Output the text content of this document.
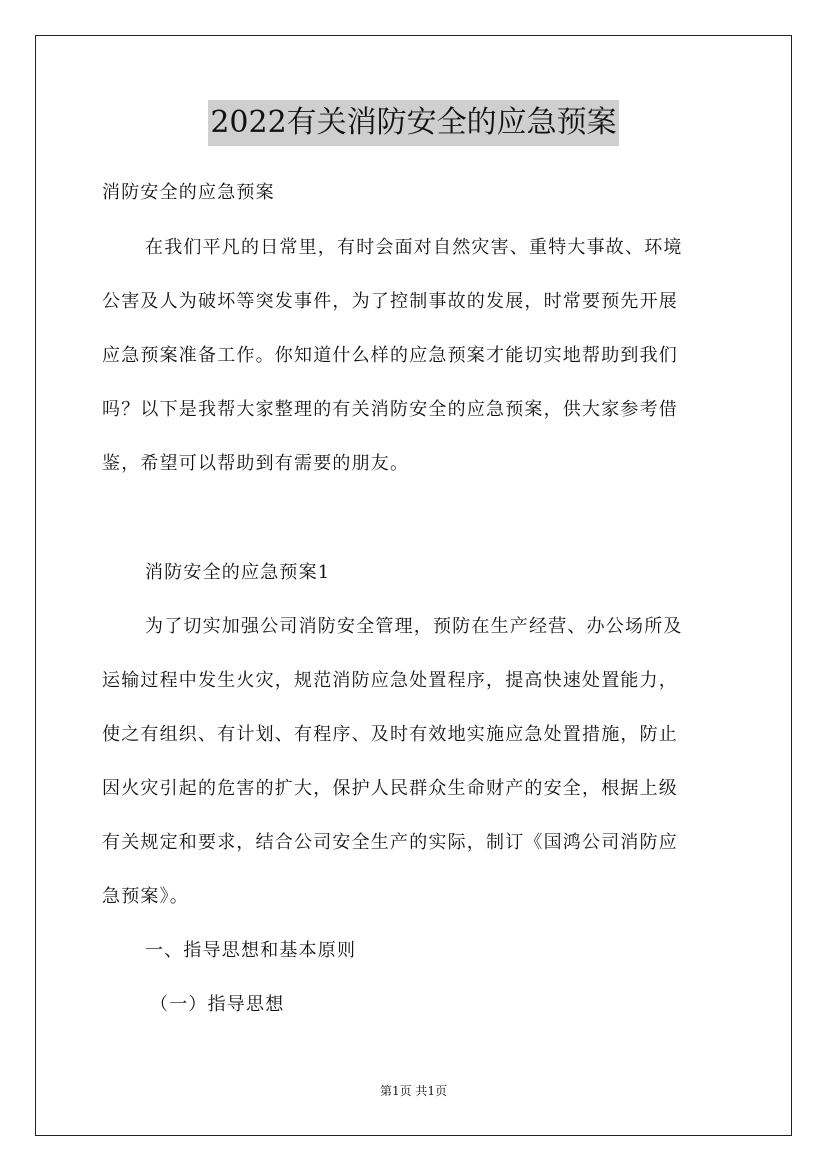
2022有关消防安全的应急预案
消防安全的应急预案
在我们平凡的日常里，有时会面对自然灾害、重特大事故、环境
公害及人为破坏等突发事件，为了控制事故的发展，时常要预先开展
应急预案准备工作。你知道什么样的应急预案才能切实地帮助到我们
吗？以下是我帮大家整理的有关消防安全的应急预案，供大家参考借
鉴，希望可以帮助到有需要的朋友。
消防安全的应急预案1
为了切实加强公司消防安全管理，预防在生产经营、办公场所及
运输过程中发生火灾，规范消防应急处置程序，提高快速处置能力，
使之有组织、有计划、有程序、及时有效地实施应急处置措施，防止
因火灾引起的危害的扩大，保护人民群众生命财产的安全，根据上级
有关规定和要求，结合公司安全生产的实际，制订《国鸿公司消防应
急预案》。
一、指导思想和基本原则
（一）指导思想
第1页 共1页
